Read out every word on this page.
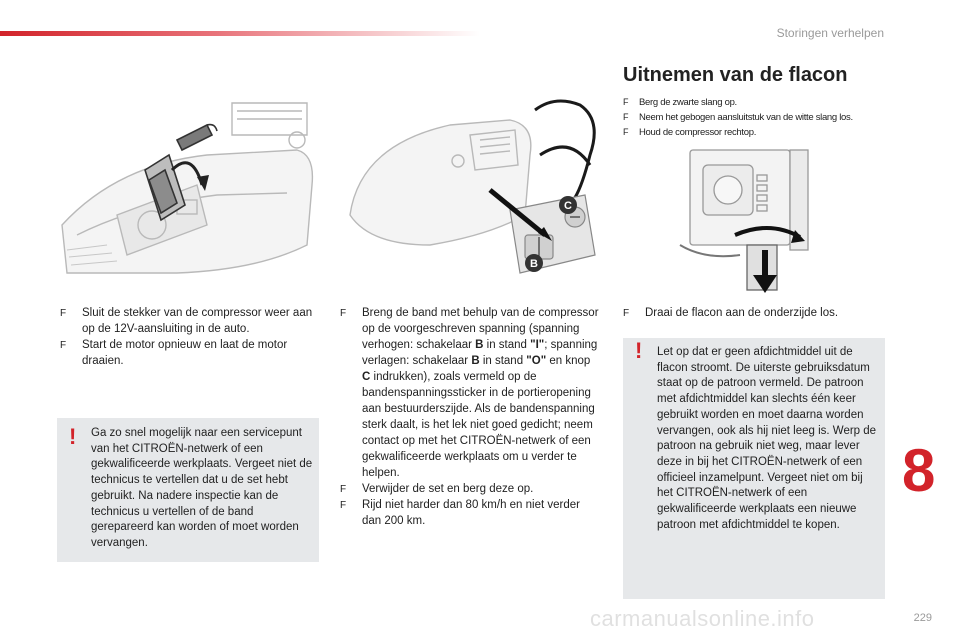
Storingen verhelpen
Uitnemen van de flacon
F Berg de zwarte slang op.
F Neem het gebogen aansluitstuk van de witte slang los.
F Houd de compressor rechtop.
C
B
F Sluit de stekker van de compressor weer aan op de 12V-aansluiting in de auto.
F Start de motor opnieuw en laat de motor draaien.
! Ga zo snel mogelijk naar een servicepunt van het CITROËN-netwerk of een gekwalificeerde werkplaats. Vergeet niet de technicus te vertellen dat u de set hebt gebruikt. Na nadere inspectie kan de technicus u vertellen of de band gerepareerd kan worden of moet worden vervangen.
F Breng de band met behulp van de compressor op de voorgeschreven spanning (spanning verhogen: schakelaar B in stand "I"; spanning verlagen: schakelaar B in stand "O" en knop C indrukken), zoals vermeld op de bandenspanningssticker in de portieropening aan bestuurderszijde. Als de bandenspanning sterk daalt, is het lek niet goed gedicht; neem contact op met het CITROËN-netwerk of een gekwalificeerde werkplaats om u verder te helpen.
F Verwijder de set en berg deze op.
F Rijd niet harder dan 80 km/h en niet verder dan 200 km.
F Draai de flacon aan de onderzijde los.
! Let op dat er geen afdichtmiddel uit de flacon stroomt. De uiterste gebruiksdatum staat op de patroon vermeld. De patroon met afdichtmiddel kan slechts één keer gebruikt worden en moet daarna worden vervangen, ook als hij niet leeg is. Werp de patroon na gebruik niet weg, maar lever deze in bij het CITROËN-netwerk of een officieel inzamelpunt. Vergeet niet om bij het CITROËN-netwerk of een gekwalificeerde werkplaats een nieuwe patroon met afdichtmiddel te kopen.
8
carmanualsonline.info	229
